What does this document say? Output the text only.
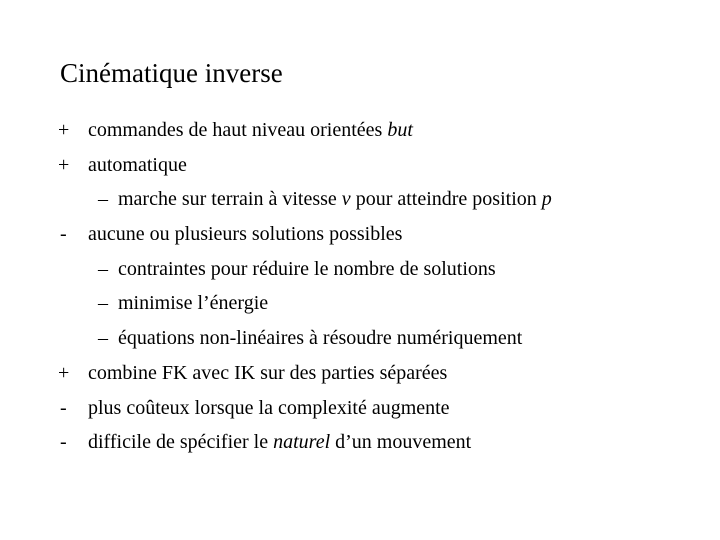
Cinématique inverse
+ commandes de haut niveau orientées but
+ automatique
– marche sur terrain à vitesse v pour atteindre position p
- aucune ou plusieurs solutions possibles
– contraintes pour réduire le nombre de solutions
– minimise l’énergie
– équations non-linéaires à résoudre numériquement
+ combine FK avec IK sur des parties séparées
- plus coûteux lorsque la complexité augmente
- difficile de spécifier le naturel d’un mouvement
